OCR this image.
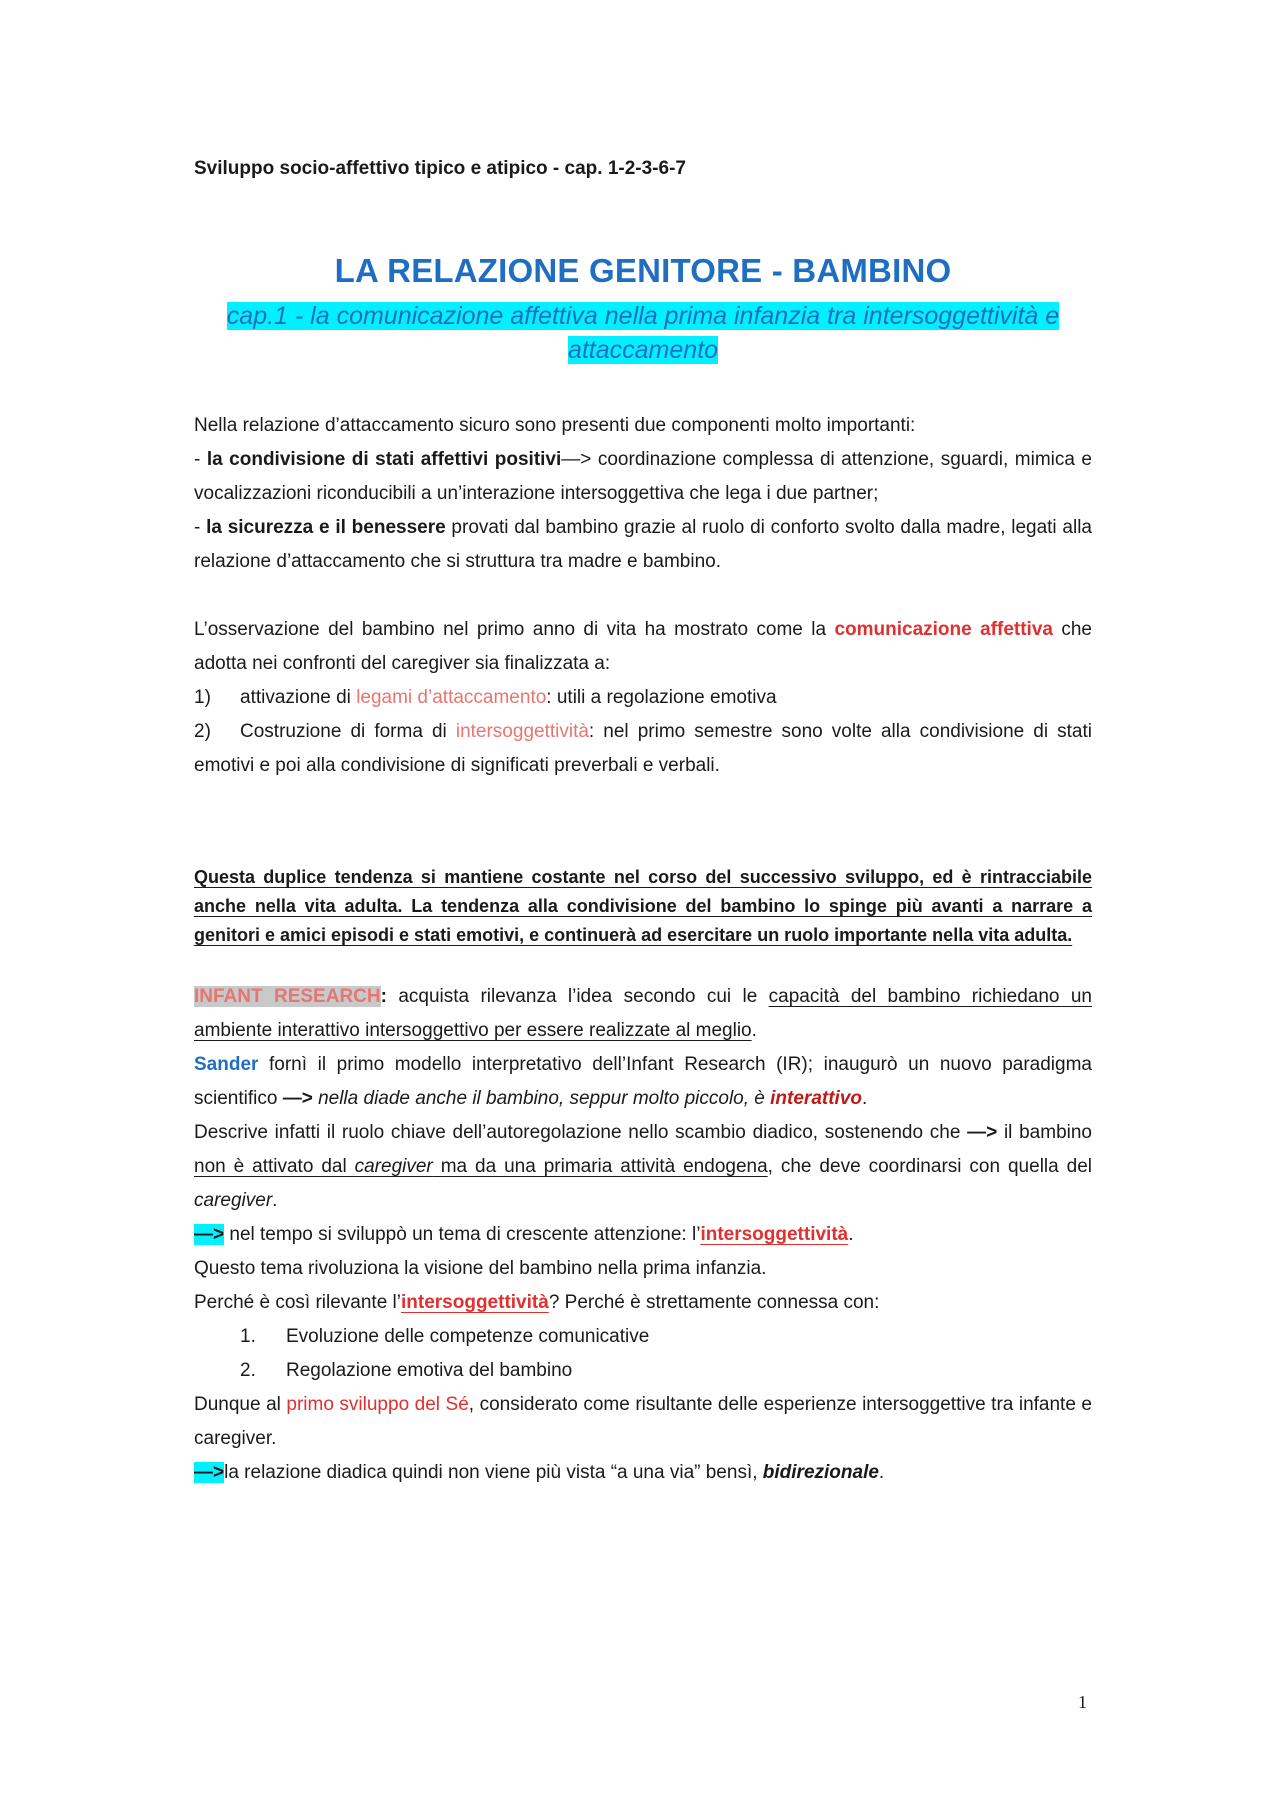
Sviluppo socio-affettivo tipico e atipico - cap. 1-2-3-6-7

LA RELAZIONE GENITORE - BAMBINO

cap.1 - la comunicazione affettiva nella prima infanzia tra intersoggettività e attaccamento

Nella relazione d’attaccamento sicuro sono presenti due componenti molto importanti:

- la condivisione di stati affettivi positivi—> coordinazione complessa di attenzione, sguardi, mimica e vocalizzazioni riconducibili a un’interazione intersoggettiva che lega i due partner;

- la sicurezza e il benessere provati dal bambino grazie al ruolo di conforto svolto dalla madre, legati alla relazione d’attaccamento che si struttura tra madre e bambino.

L’osservazione del bambino nel primo anno di vita ha mostrato come la comunicazione affettiva che adotta nei confronti del caregiver sia finalizzata a:

1)	attivazione di legami d’attaccamento: utili a regolazione emotiva
2) Costruzione di forma di intersoggettività: nel primo semestre sono volte alla condivisione di stati emotivi e poi alla condivisione di significati preverbali e verbali.

Questa duplice tendenza si mantiene costante nel corso del successivo sviluppo, ed è rintracciabile anche nella vita adulta. La tendenza alla condivisione del bambino lo spinge più avanti a narrare a genitori e amici episodi e stati emotivi, e continuerà ad esercitare un ruolo importante nella vita adulta.

INFANT RESEARCH: acquista rilevanza l’idea secondo cui le capacità del bambino richiedano un ambiente interattivo intersoggettivo per essere realizzate al meglio.

Sander fornì il primo modello interpretativo dell’Infant Research (IR); inaugurò un nuovo paradigma scientifico —> nella diade anche il bambino, seppur molto piccolo, è interattivo.

Descrive infatti il ruolo chiave dell’autoregolazione nello scambio diadico, sostenendo che —> il bambino non è attivato dal caregiver ma da una primaria attività endogena, che deve coordinarsi con quella del caregiver.

—> nel tempo si sviluppò un tema di crescente attenzione: l’intersoggettività.

Questo tema rivoluziona la visione del bambino nella prima infanzia.

Perché è così rilevante l’intersoggettività? Perché è strettamente connessa con:

1.	Evoluzione delle competenze comunicative
2.	Regolazione emotiva del bambino

Dunque al primo sviluppo del Sé, considerato come risultante delle esperienze intersoggettive tra infante e caregiver.

—>la relazione diadica quindi non viene più vista “a una via” bensì, bidirezionale.

1
